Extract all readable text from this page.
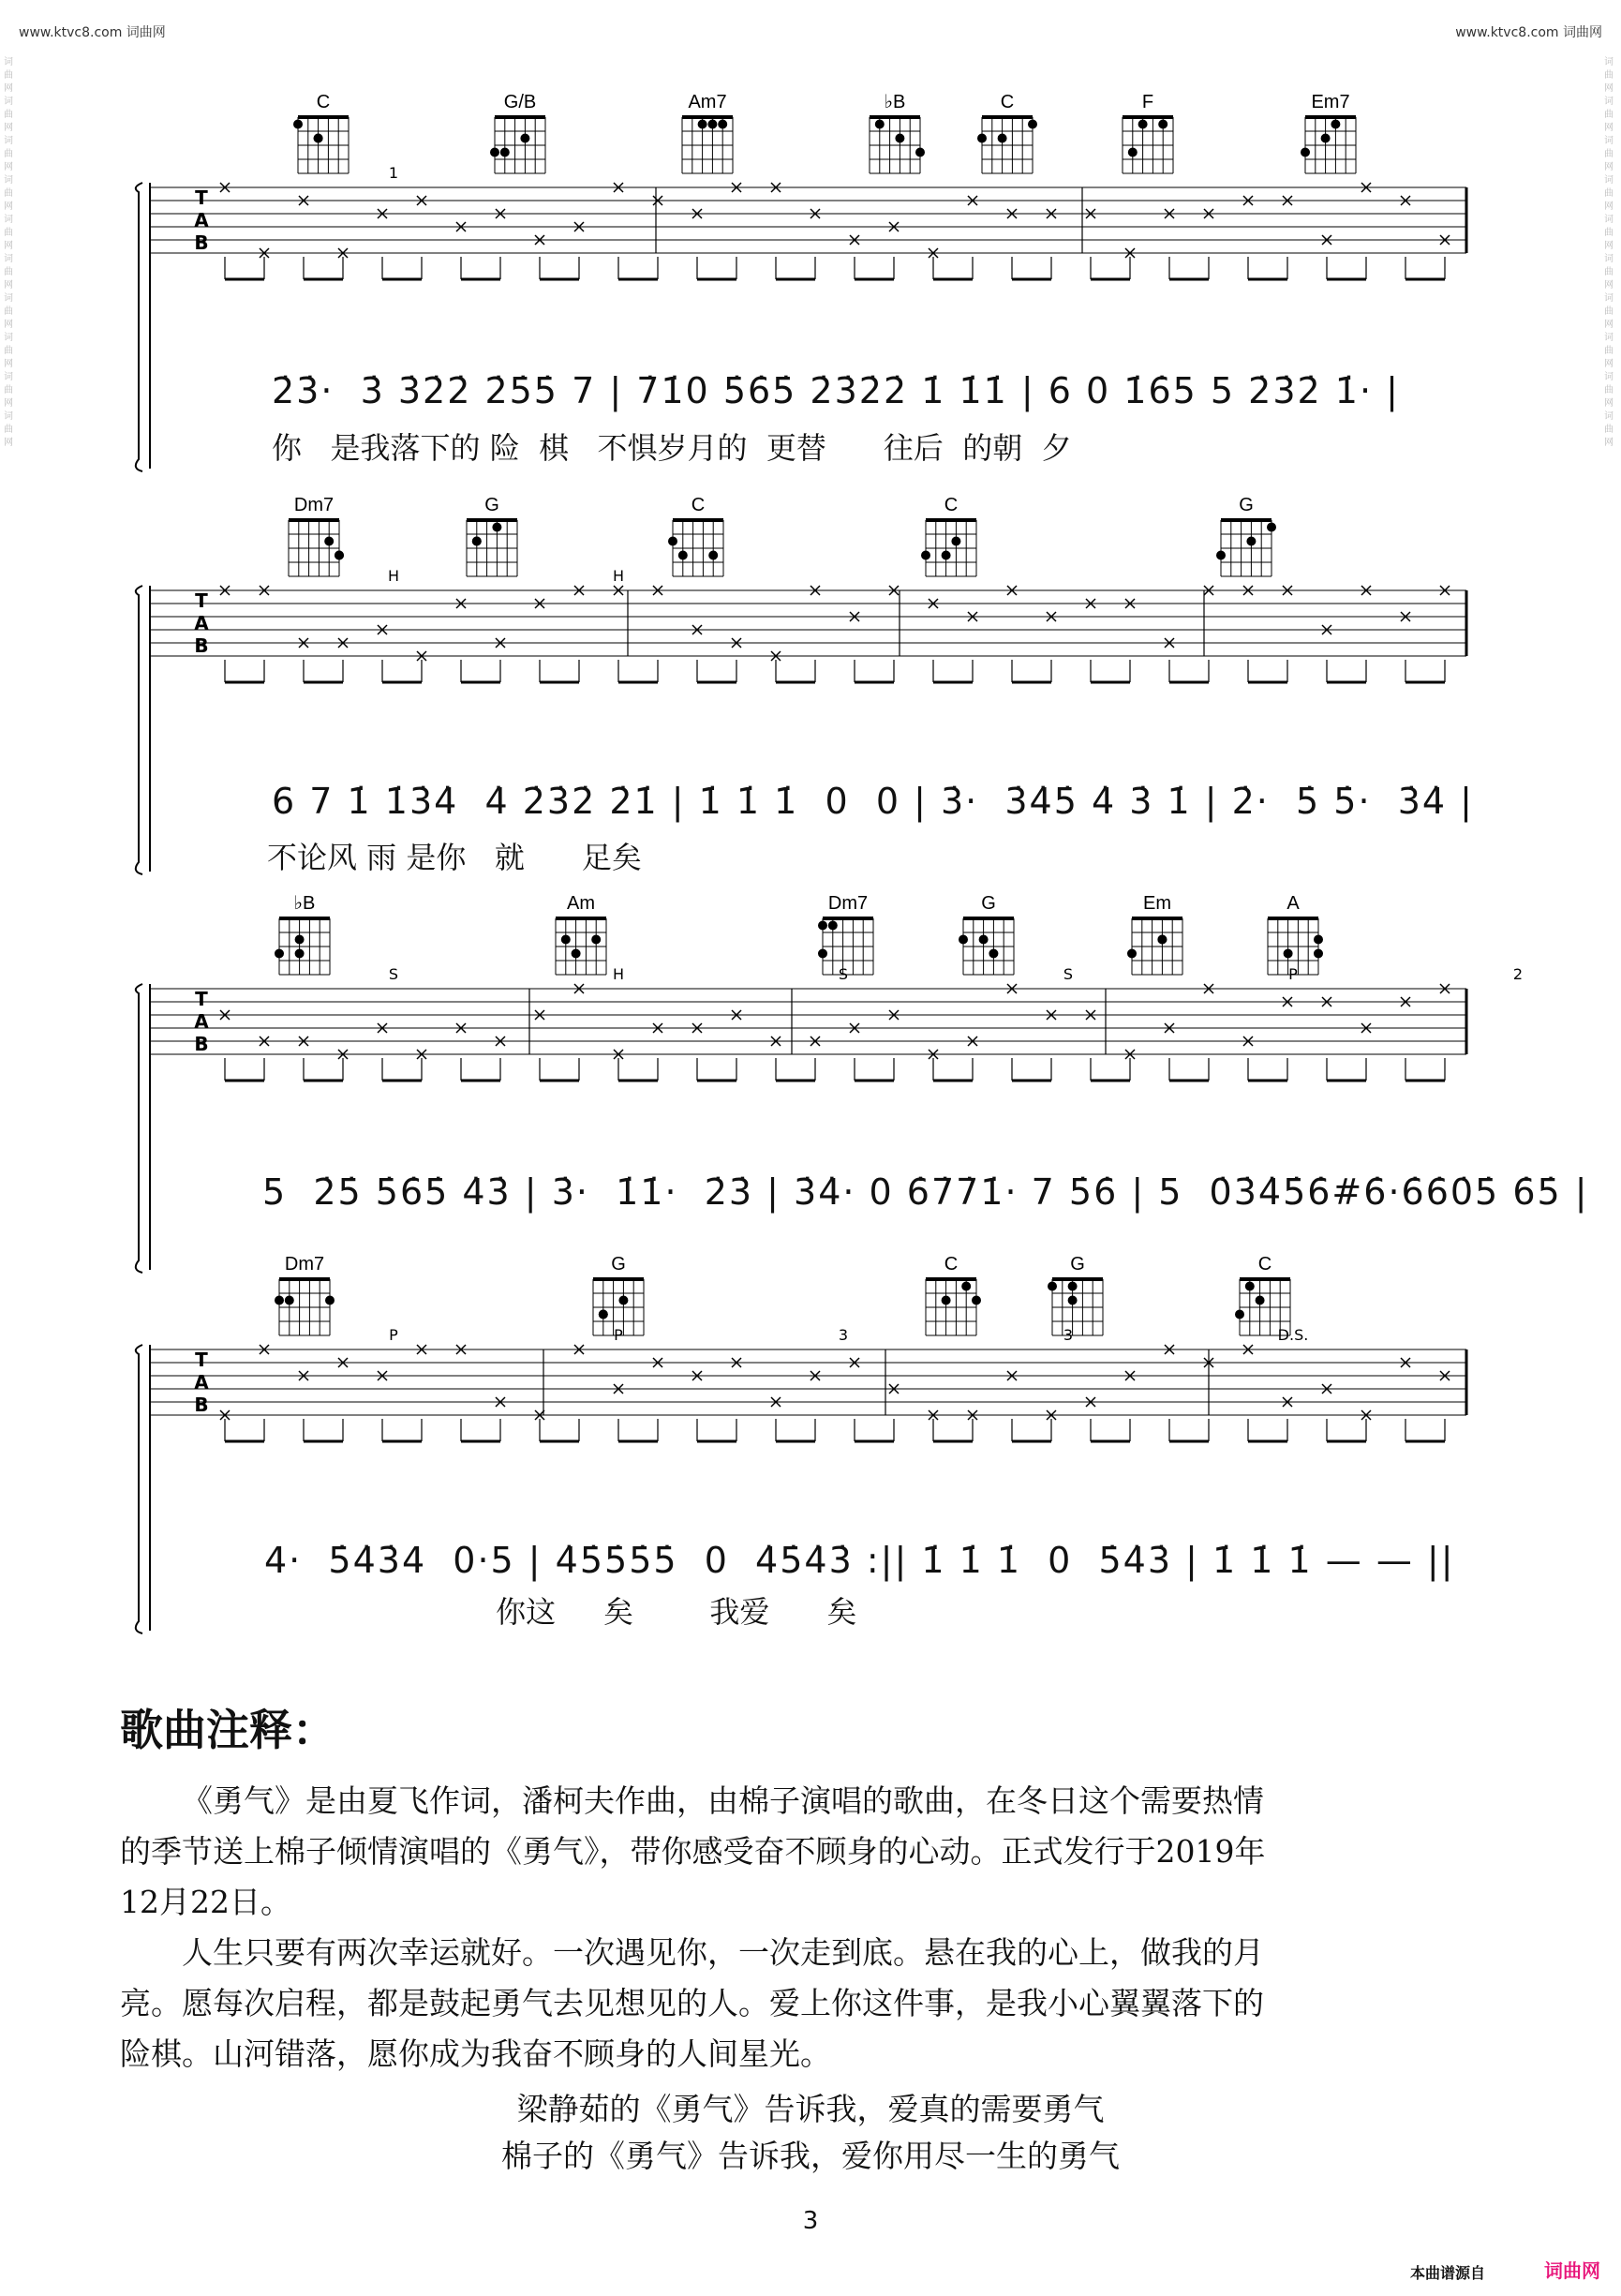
www.ktvc8.com 词曲网	www.ktvc8.com 词曲网
词曲网词曲网词曲网词曲网词曲网词曲网词曲网词曲网词曲网词曲网
词曲网词曲网词曲网词曲网词曲网词曲网词曲网词曲网词曲网词曲网
C	G/B	Am7	♭B	C	F	Em7
T
A
B
1
2̇3̇·  3̇ 3̇2̇2̇ 2̇5̇5̇ 7 | 7̇1̇0 5̇6̇5̇ 2̇3̇2̇2̇ 1̇ 1̇1̇ | 6 0 1̇6̇5 5 2̇3̇2̇ 1̇· |
你   是我落下的 险  棋   不惧岁月的  更替      往后  的朝  夕
Dm7	G	C	C	G
T
A
B
H	H
6 7 1̇ 1̇3̇4̇  4̇ 2̇3̇2̇ 2̇1̇ | 1̇ 1̇ 1̇  0  0 | 3̇·  3̇4̇5̇ 4̇ 3̇ 1̇ | 2̇·  5̇ 5̇·  3̇4̇ |
不论风 雨 是你   就      足矣
♭B	Am	Dm7	G	Em	A
T
A
B
S	H	S	S	P	2
5  2̇5̇ 5̇6̇5̇ 4̇3̇ | 3̇·  1̇1̇·  2̇3̇ | 3̇4̇· 0 6̇7̇7̇1̇· 7 5̇6̇ | 5  0̇3̇4̇5̇6̇#6̇·6̇6̇0̇5̇ 6̇5̇ |
Dm7	G	C	G	C
T
A
B
P	P	3	3	D.S.
4·  5̇4̇3̇4  0·5 | 4̇5̇5̇5̇5̇  0  4̇5̇4̇3̇ :|| 1̇ 1̇ 1̇  0  5̇4̇3̇ | 1̇ 1̇ 1̇ — — ||
你这     矣        我爱      矣
歌曲注释：
《勇气》是由夏飞作词，潘柯夫作曲，由棉子演唱的歌曲，在冬日这个需要热情
的季节送上棉子倾情演唱的《勇气》，带你感受奋不顾身的心动。正式发行于2019年
12月22日。
人生只要有两次幸运就好。一次遇见你，一次走到底。悬在我的心上，做我的月
亮。愿每次启程，都是鼓起勇气去见想见的人。爱上你这件事，是我小心翼翼落下的
险棋。山河错落，愿你成为我奋不顾身的人间星光。
梁静茹的《勇气》告诉我，爱真的需要勇气
棉子的《勇气》告诉我，爱你用尽一生的勇气
3
本曲谱源自	词曲网
